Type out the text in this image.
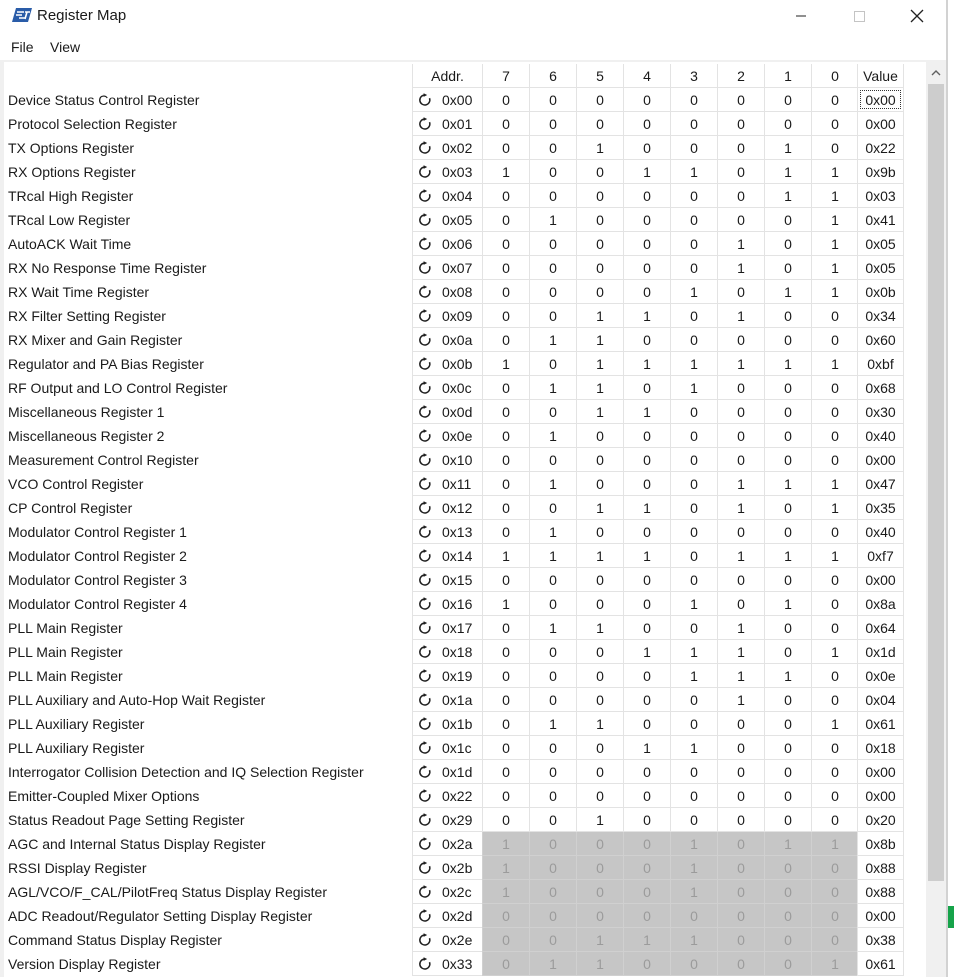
Register Map
File View
Addr.	7	6	5	4	3	2	1	0	Value
Device Status Control Register	0x00	0	0	0	0	0	0	0	0	0x00
Protocol Selection Register	0x01	0	0	0	0	0	0	0	0	0x00
TX Options Register	0x02	0	0	1	0	0	0	1	0	0x22
RX Options Register	0x03	1	0	0	1	1	0	1	1	0x9b
TRcal High Register	0x04	0	0	0	0	0	0	1	1	0x03
TRcal Low Register	0x05	0	1	0	0	0	0	0	1	0x41
AutoACK Wait Time	0x06	0	0	0	0	0	1	0	1	0x05
RX No Response Time Register	0x07	0	0	0	0	0	1	0	1	0x05
RX Wait Time Register	0x08	0	0	0	0	1	0	1	1	0x0b
RX Filter Setting Register	0x09	0	0	1	1	0	1	0	0	0x34
RX Mixer and Gain Register	0x0a	0	1	1	0	0	0	0	0	0x60
Regulator and PA Bias Register	0x0b	1	0	1	1	1	1	1	1	0xbf
RF Output and LO Control Register	0x0c	0	1	1	0	1	0	0	0	0x68
Miscellaneous Register 1	0x0d	0	0	1	1	0	0	0	0	0x30
Miscellaneous Register 2	0x0e	0	1	0	0	0	0	0	0	0x40
Measurement Control Register	0x10	0	0	0	0	0	0	0	0	0x00
VCO Control Register	0x11	0	1	0	0	0	1	1	1	0x47
CP Control Register	0x12	0	0	1	1	0	1	0	1	0x35
Modulator Control Register 1	0x13	0	1	0	0	0	0	0	0	0x40
Modulator Control Register 2	0x14	1	1	1	1	0	1	1	1	0xf7
Modulator Control Register 3	0x15	0	0	0	0	0	0	0	0	0x00
Modulator Control Register 4	0x16	1	0	0	0	1	0	1	0	0x8a
PLL Main Register	0x17	0	1	1	0	0	1	0	0	0x64
PLL Main Register	0x18	0	0	0	1	1	1	0	1	0x1d
PLL Main Register	0x19	0	0	0	0	1	1	1	0	0x0e
PLL Auxiliary and Auto-Hop Wait Register	0x1a	0	0	0	0	0	1	0	0	0x04
PLL Auxiliary Register	0x1b	0	1	1	0	0	0	0	1	0x61
PLL Auxiliary Register	0x1c	0	0	0	1	1	0	0	0	0x18
Interrogator Collision Detection and IQ Selection Register	0x1d	0	0	0	0	0	0	0	0	0x00
Emitter-Coupled Mixer Options	0x22	0	0	0	0	0	0	0	0	0x00
Status Readout Page Setting Register	0x29	0	0	1	0	0	0	0	0	0x20
AGC and Internal Status Display Register	0x2a	1	0	0	0	1	0	1	1	0x8b
RSSI Display Register	0x2b	1	0	0	0	1	0	0	0	0x88
AGL/VCO/F_CAL/PilotFreq Status Display Register	0x2c	1	0	0	0	1	0	0	0	0x88
ADC Readout/Regulator Setting Display Register	0x2d	0	0	0	0	0	0	0	0	0x00
Command Status Display Register	0x2e	0	0	1	1	1	0	0	0	0x38
Version Display Register	0x33	0	1	1	0	0	0	0	1	0x61
